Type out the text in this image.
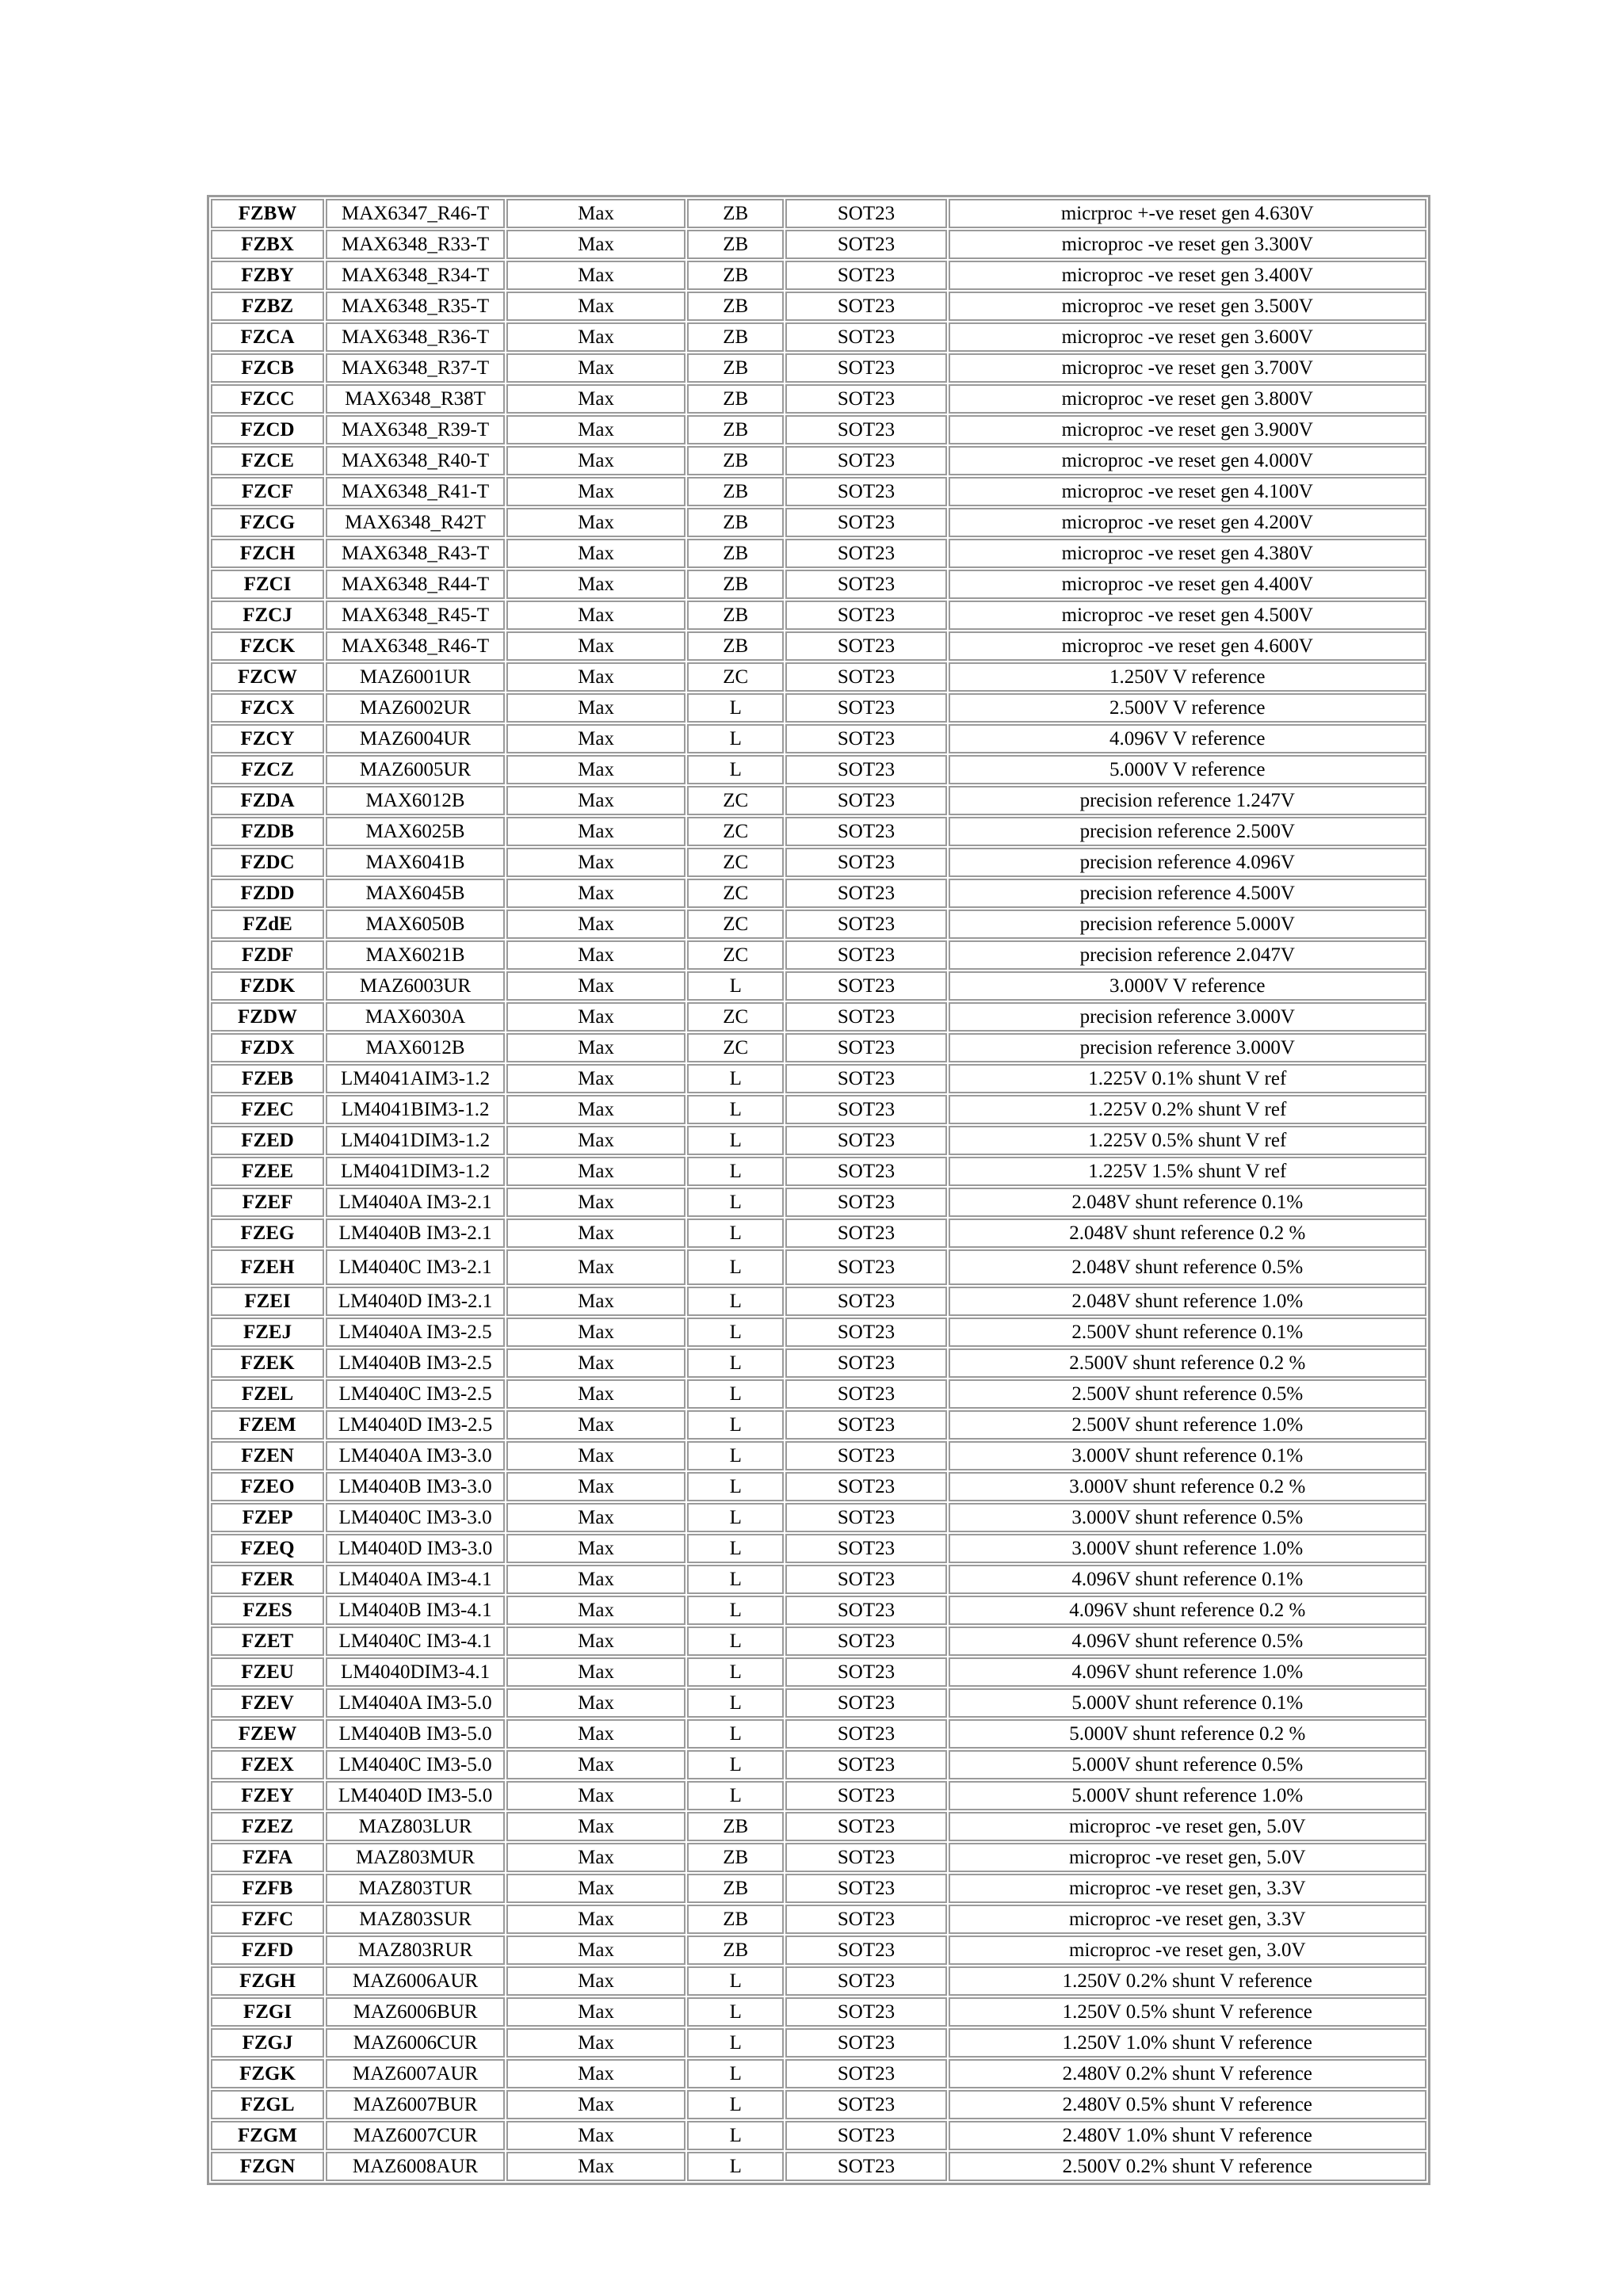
FZBW	MAX6347_R46-T	Max	ZB	SOT23	micrproc +-ve reset gen 4.630V
FZBX	MAX6348_R33-T	Max	ZB	SOT23	microproc -ve reset gen 3.300V
FZBY	MAX6348_R34-T	Max	ZB	SOT23	microproc -ve reset gen 3.400V
FZBZ	MAX6348_R35-T	Max	ZB	SOT23	microproc -ve reset gen 3.500V
FZCA	MAX6348_R36-T	Max	ZB	SOT23	microproc -ve reset gen 3.600V
FZCB	MAX6348_R37-T	Max	ZB	SOT23	microproc -ve reset gen 3.700V
FZCC	MAX6348_R38T	Max	ZB	SOT23	microproc -ve reset gen 3.800V
FZCD	MAX6348_R39-T	Max	ZB	SOT23	microproc -ve reset gen 3.900V
FZCE	MAX6348_R40-T	Max	ZB	SOT23	microproc -ve reset gen 4.000V
FZCF	MAX6348_R41-T	Max	ZB	SOT23	microproc -ve reset gen 4.100V
FZCG	MAX6348_R42T	Max	ZB	SOT23	microproc -ve reset gen 4.200V
FZCH	MAX6348_R43-T	Max	ZB	SOT23	microproc -ve reset gen 4.380V
FZCI	MAX6348_R44-T	Max	ZB	SOT23	microproc -ve reset gen 4.400V
FZCJ	MAX6348_R45-T	Max	ZB	SOT23	microproc -ve reset gen 4.500V
FZCK	MAX6348_R46-T	Max	ZB	SOT23	microproc -ve reset gen 4.600V
FZCW	MAZ6001UR	Max	ZC	SOT23	1.250V V reference
FZCX	MAZ6002UR	Max	L	SOT23	2.500V V reference
FZCY	MAZ6004UR	Max	L	SOT23	4.096V V reference
FZCZ	MAZ6005UR	Max	L	SOT23	5.000V V reference
FZDA	MAX6012B	Max	ZC	SOT23	precision reference 1.247V
FZDB	MAX6025B	Max	ZC	SOT23	precision reference 2.500V
FZDC	MAX6041B	Max	ZC	SOT23	precision reference 4.096V
FZDD	MAX6045B	Max	ZC	SOT23	precision reference 4.500V
FZdE	MAX6050B	Max	ZC	SOT23	precision reference 5.000V
FZDF	MAX6021B	Max	ZC	SOT23	precision reference 2.047V
FZDK	MAZ6003UR	Max	L	SOT23	3.000V V reference
FZDW	MAX6030A	Max	ZC	SOT23	precision reference 3.000V
FZDX	MAX6012B	Max	ZC	SOT23	precision reference 3.000V
FZEB	LM4041AIM3-1.2	Max	L	SOT23	1.225V 0.1% shunt V ref
FZEC	LM4041BIM3-1.2	Max	L	SOT23	1.225V 0.2% shunt V ref
FZED	LM4041DIM3-1.2	Max	L	SOT23	1.225V 0.5% shunt V ref
FZEE	LM4041DIM3-1.2	Max	L	SOT23	1.225V 1.5% shunt V ref
FZEF	LM4040A IM3-2.1	Max	L	SOT23	2.048V shunt reference 0.1%
FZEG	LM4040B IM3-2.1	Max	L	SOT23	2.048V shunt reference 0.2 %
FZEH	LM4040C IM3-2.1	Max	L	SOT23	2.048V shunt reference 0.5%
FZEI	LM4040D IM3-2.1	Max	L	SOT23	2.048V shunt reference 1.0%
FZEJ	LM4040A IM3-2.5	Max	L	SOT23	2.500V shunt reference 0.1%
FZEK	LM4040B IM3-2.5	Max	L	SOT23	2.500V shunt reference 0.2 %
FZEL	LM4040C IM3-2.5	Max	L	SOT23	2.500V shunt reference 0.5%
FZEM	LM4040D IM3-2.5	Max	L	SOT23	2.500V shunt reference 1.0%
FZEN	LM4040A IM3-3.0	Max	L	SOT23	3.000V shunt reference 0.1%
FZEO	LM4040B IM3-3.0	Max	L	SOT23	3.000V shunt reference 0.2 %
FZEP	LM4040C IM3-3.0	Max	L	SOT23	3.000V shunt reference 0.5%
FZEQ	LM4040D IM3-3.0	Max	L	SOT23	3.000V shunt reference 1.0%
FZER	LM4040A IM3-4.1	Max	L	SOT23	4.096V shunt reference 0.1%
FZES	LM4040B IM3-4.1	Max	L	SOT23	4.096V shunt reference 0.2 %
FZET	LM4040C IM3-4.1	Max	L	SOT23	4.096V shunt reference 0.5%
FZEU	LM4040DIM3-4.1	Max	L	SOT23	4.096V shunt reference 1.0%
FZEV	LM4040A IM3-5.0	Max	L	SOT23	5.000V shunt reference 0.1%
FZEW	LM4040B IM3-5.0	Max	L	SOT23	5.000V shunt reference 0.2 %
FZEX	LM4040C IM3-5.0	Max	L	SOT23	5.000V shunt reference 0.5%
FZEY	LM4040D IM3-5.0	Max	L	SOT23	5.000V shunt reference 1.0%
FZEZ	MAZ803LUR	Max	ZB	SOT23	microproc -ve reset gen, 5.0V
FZFA	MAZ803MUR	Max	ZB	SOT23	microproc -ve reset gen, 5.0V
FZFB	MAZ803TUR	Max	ZB	SOT23	microproc -ve reset gen, 3.3V
FZFC	MAZ803SUR	Max	ZB	SOT23	microproc -ve reset gen, 3.3V
FZFD	MAZ803RUR	Max	ZB	SOT23	microproc -ve reset gen, 3.0V
FZGH	MAZ6006AUR	Max	L	SOT23	1.250V 0.2% shunt V reference
FZGI	MAZ6006BUR	Max	L	SOT23	1.250V 0.5% shunt V reference
FZGJ	MAZ6006CUR	Max	L	SOT23	1.250V 1.0% shunt V reference
FZGK	MAZ6007AUR	Max	L	SOT23	2.480V 0.2% shunt V reference
FZGL	MAZ6007BUR	Max	L	SOT23	2.480V 0.5% shunt V reference
FZGM	MAZ6007CUR	Max	L	SOT23	2.480V 1.0% shunt V reference
FZGN	MAZ6008AUR	Max	L	SOT23	2.500V 0.2% shunt V reference
